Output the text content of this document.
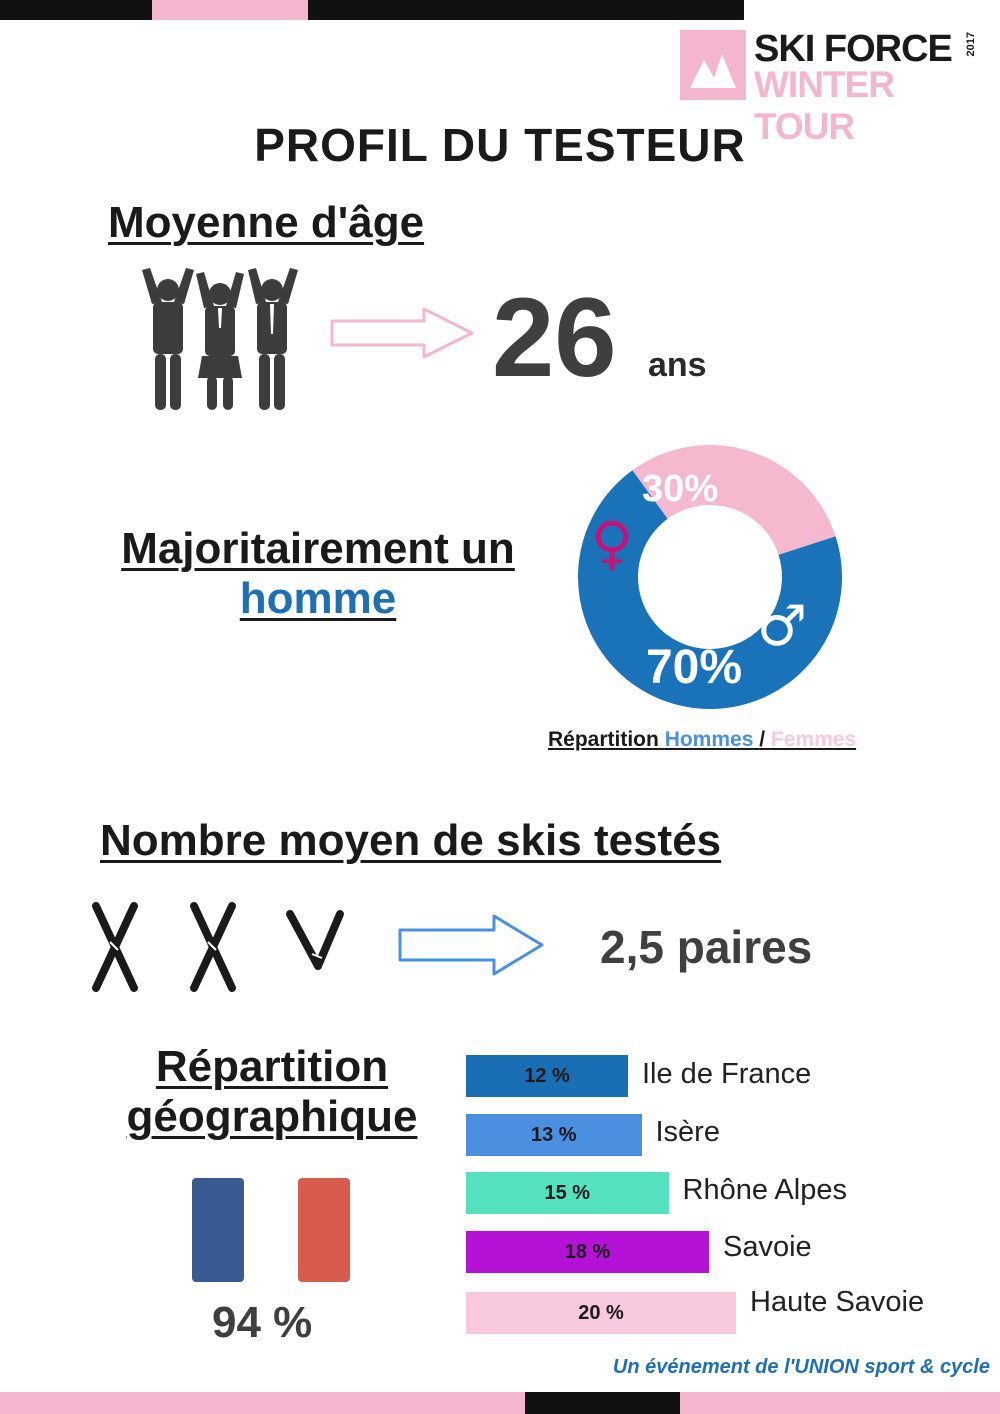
SKI FORCE
WINTER TOUR
2017
PROFIL DU TESTEUR
Moyenne d'âge
26 ans
Majoritairement un
homme
30%
70%
♀
♂
Répartition Hommes / Femmes
Nombre moyen de skis testés
2,5 paires
Répartition
géographique
94 %
12 %	Ile de France
13 %	Isère
15 %	Rhône Alpes
18 %	Savoie
20 %	Haute Savoie
Un événement de l'UNION sport & cycle
